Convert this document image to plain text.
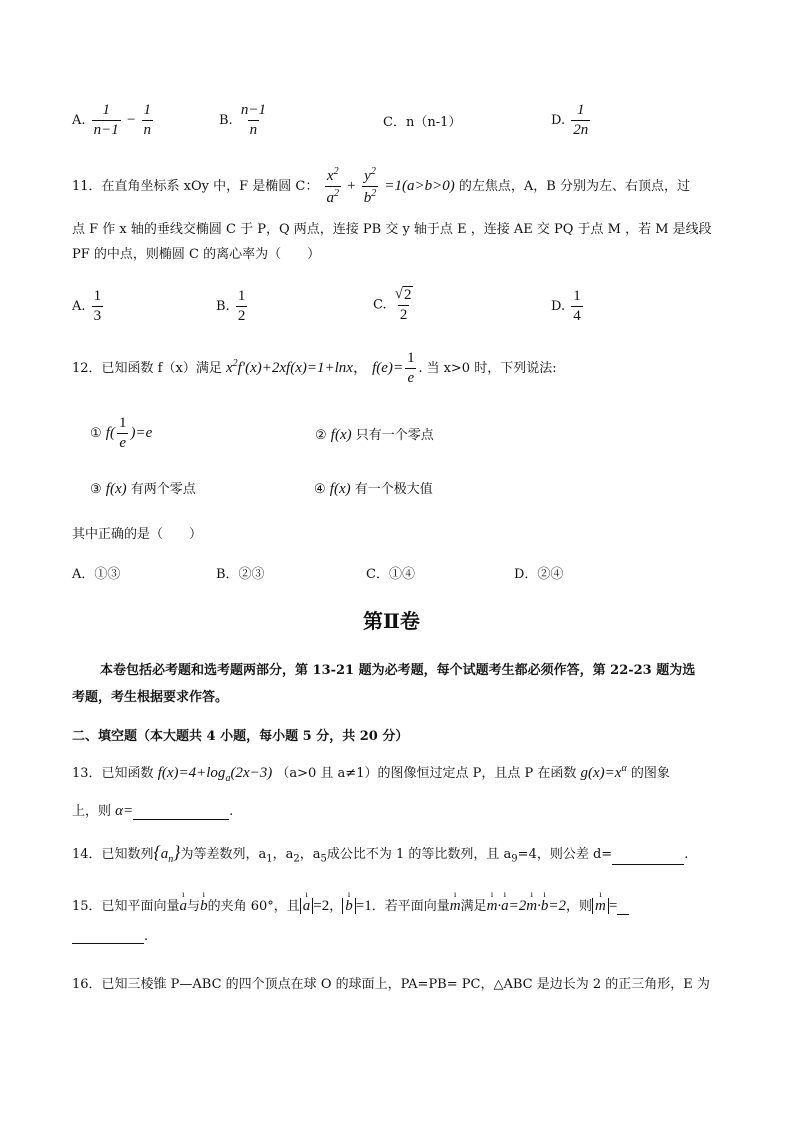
A. $\frac{1}{n-1} - \frac{1}{n}$	B. $\frac{n-1}{n}$	C．n（n-1）	D. $\frac{1}{2n}$
11．在直角坐标系 xOy 中，F 是椭圆 C： $\frac{x^2}{a^2} + \frac{y^2}{b^2} =1(a>b>0)$ 的左焦点，A，B 分别为左、右顶点，过
点 F 作 x 轴的垂线交椭圆 C 于 P，Q 两点，连接 PB 交 y 轴于点 E ，连接 AE 交 PQ 于点 M ，若 M 是线段
PF 的中点，则椭圆 C 的离心率为（　　）
A. $\frac{1}{3}$	B. $\frac{1}{2}$	C. $\frac{√ 2}{2}$	D. $\frac{1}{4}$
12．已知函数 f（x）满足 $x^2f'(x)+2xf(x)=1+\ln x$， $f(e)= \frac{1}{e}$ . 当 x>0 时，下列说法:
① $f( \frac{1}{e} )=e$	② f(x) 只有一个零点
③ f(x) 有两个零点	④ f(x) 有一个极大值
其中正确的是（　　）
A．①③	B．②③	C．①④	D．②④
第Ⅱ卷
本卷包括必考题和选考题两部分，第 13-21 题为必考题，每个试题考生都必须作答，第 22-23 题为选
考题，考生根据要求作答。
二、填空题（本大题共 4 小题，每小题 5 分，共 20 分）
13．已知函数 $f(x)=4+\log_a(2x-3)$ （a>0 且 a≠1）的图像恒过定点 P，且点 P 在函数 $g(x)=x^\alpha$ 的图象
上，则 α=	.
14．已知数列$\{a_n\}$为等差数列，$a_1$，$a_2$，$a_5$成公比不为 1 的等比数列，且 $a_9=4$，则公差 d=	.
15．已知平面向量ı a与ı b的夹角 60°，且 ı a =2， ı b =1．若平面向量ı m满足ı m·ı a=2ı m·ı b=2，则 ı m =
.
16．已知三棱锥 P—ABC 的四个顶点在球 O 的球面上，PA=PB= PC，△ABC 是边长为 2 的正三角形，E 为
